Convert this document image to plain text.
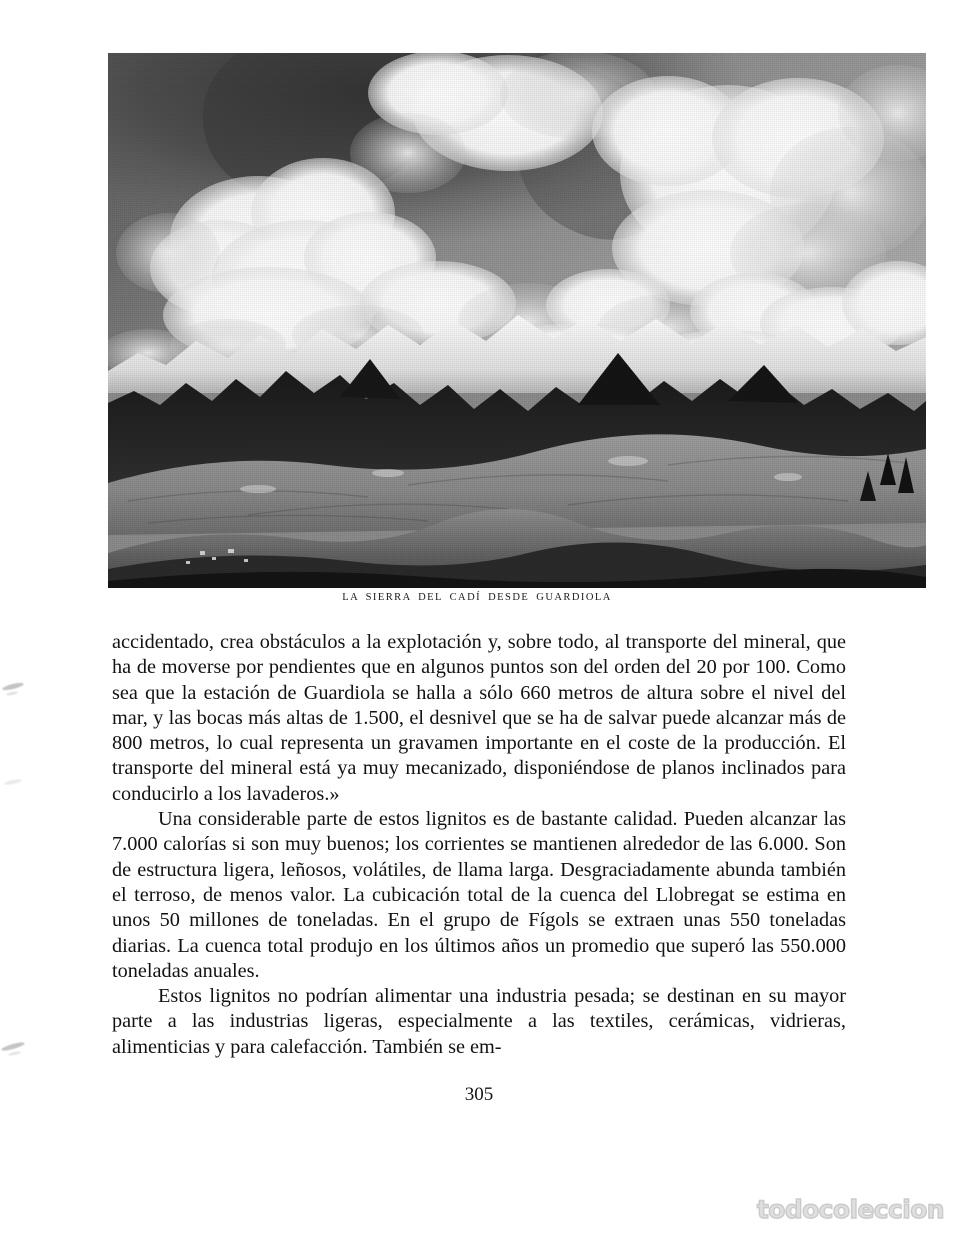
LA SIERRA DEL CADÍ DESDE GUARDIOLA

accidentado, crea obstáculos a la explotación y, sobre todo, al transporte del mineral, que ha de moverse por pendientes que en algunos puntos son del orden del 20 por 100. Como sea que la estación de Guardiola se halla a sólo 660 metros de altura sobre el nivel del mar, y las bocas más altas de 1.500, el desnivel que se ha de salvar puede alcanzar más de 800 metros, lo cual representa un gravamen importante en el coste de la producción. El transporte del mineral está ya muy mecanizado, disponiéndose de planos inclinados para conducirlo a los lavaderos.»

Una considerable parte de estos lignitos es de bastante calidad. Pueden alcanzar las 7.000 calorías si son muy buenos; los corrientes se mantienen alrededor de las 6.000. Son de estructura ligera, leñosos, volátiles, de llama larga. Desgraciadamente abunda también el terroso, de menos valor. La cubicación total de la cuenca del Llobregat se estima en unos 50 millones de toneladas. En el grupo de Fígols se extraen unas 550 toneladas diarias. La cuenca total produjo en los últimos años un promedio que superó las 550.000 toneladas anuales.

Estos lignitos no podrían alimentar una industria pesada; se destinan en su mayor parte a las industrias ligeras, especialmente a las textiles, cerámicas, vidrieras, alimenticias y para calefacción. También se em-

305
todocoleccion
